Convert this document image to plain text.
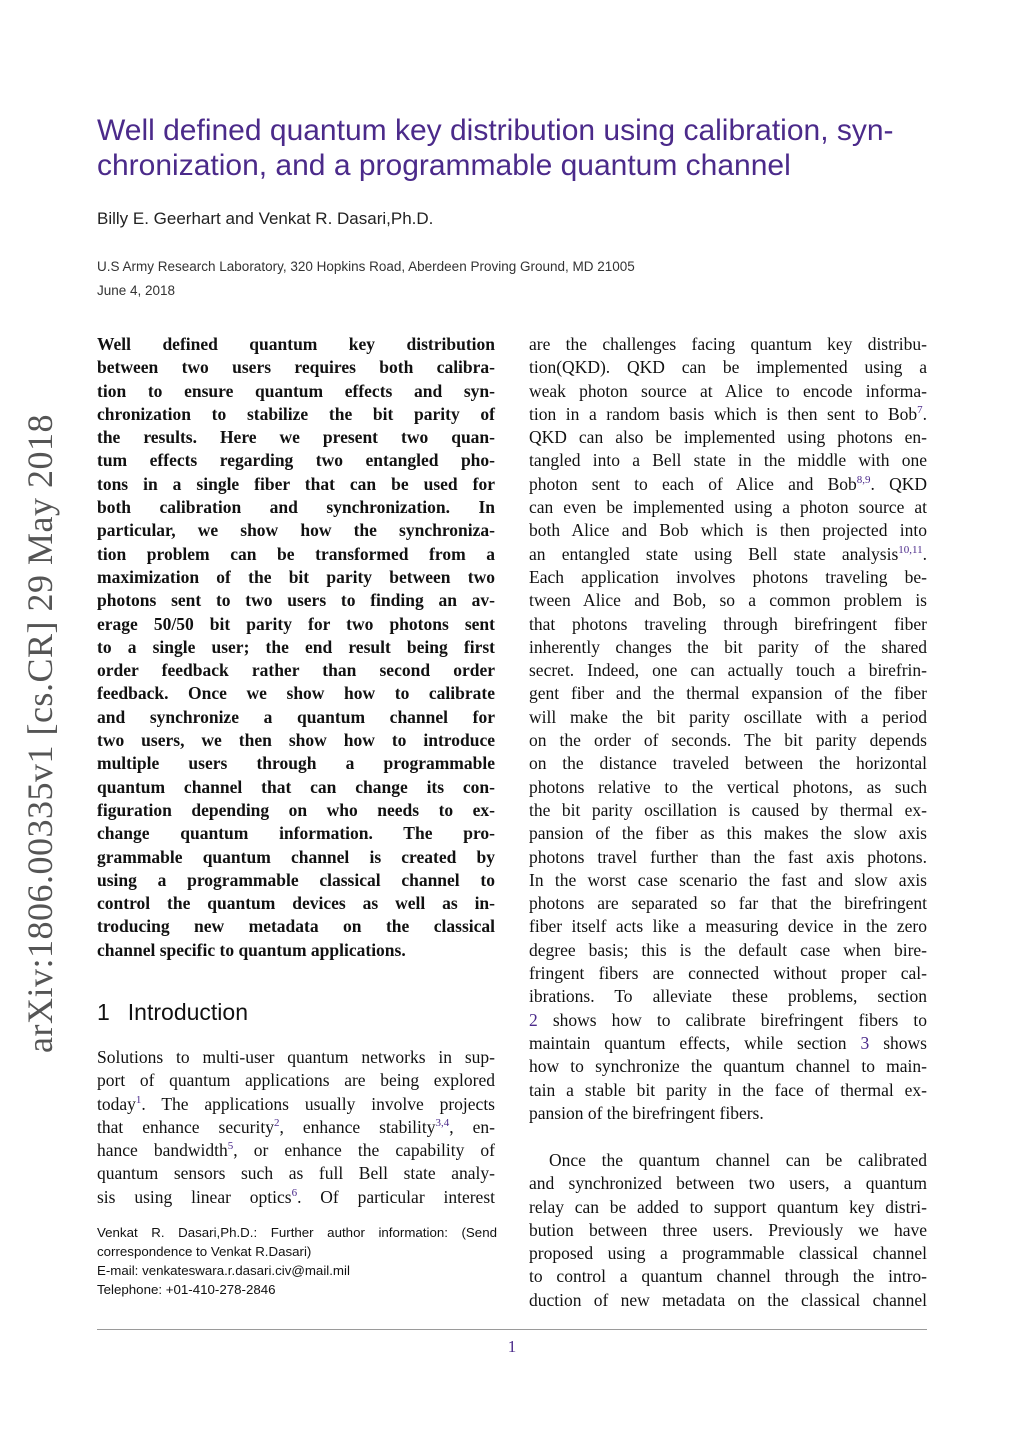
arXiv:1806.00335v1 [cs.CR] 29 May 2018
Well defined quantum key distribution using calibration, syn-
chronization, and a programmable quantum channel
Billy E. Geerhart and Venkat R. Dasari,Ph.D.
U.S Army Research Laboratory, 320 Hopkins Road, Aberdeen Proving Ground, MD 21005
June 4, 2018
Well defined quantum key distribution
between two users requires both calibra-
tion to ensure quantum effects and syn-
chronization to stabilize the bit parity of
the results. Here we present two quan-
tum effects regarding two entangled pho-
tons in a single fiber that can be used for
both calibration and synchronization. In
particular, we show how the synchroniza-
tion problem can be transformed from a
maximization of the bit parity between two
photons sent to two users to finding an av-
erage 50/50 bit parity for two photons sent
to a single user; the end result being first
order feedback rather than second order
feedback. Once we show how to calibrate
and synchronize a quantum channel for
two users, we then show how to introduce
multiple users through a programmable
quantum channel that can change its con-
figuration depending on who needs to ex-
change quantum information. The pro-
grammable quantum channel is created by
using a programmable classical channel to
control the quantum devices as well as in-
troducing new metadata on the classical
channel specific to quantum applications.
1 Introduction
Solutions to multi-user quantum networks in sup-
port of quantum applications are being explored
today$^1$. The applications usually involve projects
that enhance security$^2$, enhance stability$^{3,4}$, en-
hance bandwidth$^5$, or enhance the capability of
quantum sensors such as full Bell state analy-
sis using linear optics$^6$. Of particular interest
Venkat R. Dasari,Ph.D.: Further author information: (Send
correspondence to Venkat R.Dasari)
E-mail: venkateswara.r.dasari.civ@mail.mil
Telephone: +01-410-278-2846
are the challenges facing quantum key distribu-
tion(QKD). QKD can be implemented using a
weak photon source at Alice to encode informa-
tion in a random basis which is then sent to Bob$^7$.
QKD can also be implemented using photons en-
tangled into a Bell state in the middle with one
photon sent to each of Alice and Bob$^{8,9}$. QKD
can even be implemented using a photon source at
both Alice and Bob which is then projected into
an entangled state using Bell state analysis$^{10,11}$.
Each application involves photons traveling be-
tween Alice and Bob, so a common problem is
that photons traveling through birefringent fiber
inherently changes the bit parity of the shared
secret. Indeed, one can actually touch a birefrin-
gent fiber and the thermal expansion of the fiber
will make the bit parity oscillate with a period
on the order of seconds. The bit parity depends
on the distance traveled between the horizontal
photons relative to the vertical photons, as such
the bit parity oscillation is caused by thermal ex-
pansion of the fiber as this makes the slow axis
photons travel further than the fast axis photons.
In the worst case scenario the fast and slow axis
photons are separated so far that the birefringent
fiber itself acts like a measuring device in the zero
degree basis; this is the default case when bire-
fringent fibers are connected without proper cal-
ibrations. To alleviate these problems, section
2 shows how to calibrate birefringent fibers to
maintain quantum effects, while section 3 shows
how to synchronize the quantum channel to main-
tain a stable bit parity in the face of thermal ex-
pansion of the birefringent fibers.
Once the quantum channel can be calibrated
and synchronized between two users, a quantum
relay can be added to support quantum key distri-
bution between three users. Previously we have
proposed using a programmable classical channel
to control a quantum channel through the intro-
duction of new metadata on the classical channel
1
